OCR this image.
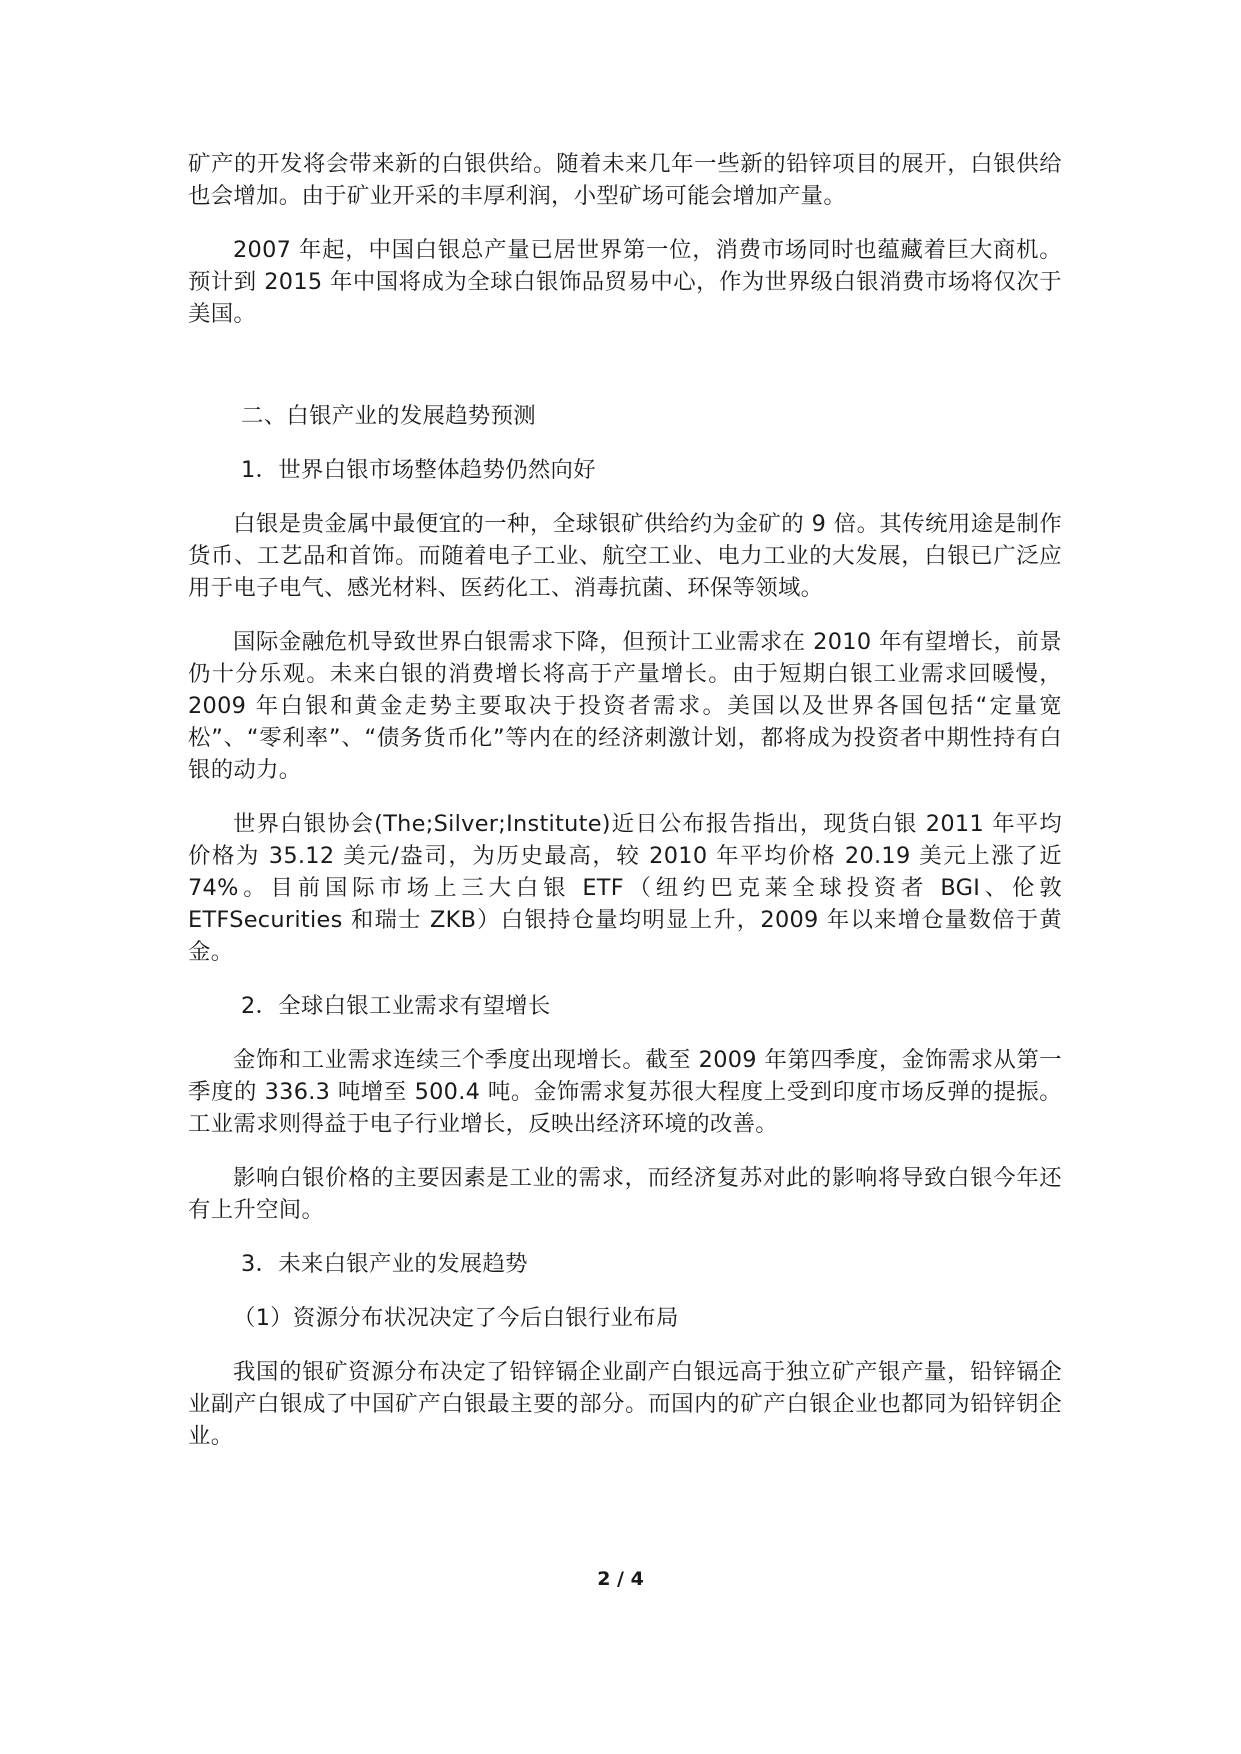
矿产的开发将会带来新的白银供给。随着未来几年一些新的铅锌项目的展开，白银供给也会增加。由于矿业开采的丰厚利润，小型矿场可能会增加产量。

2007 年起，中国白银总产量已居世界第一位，消费市场同时也蕴藏着巨大商机。预计到 2015 年中国将成为全球白银饰品贸易中心，作为世界级白银消费市场将仅次于美国。

二、白银产业的发展趋势预测

1．世界白银市场整体趋势仍然向好

白银是贵金属中最便宜的一种，全球银矿供给约为金矿的 9 倍。其传统用途是制作货币、工艺品和首饰。而随着电子工业、航空工业、电力工业的大发展，白银已广泛应用于电子电气、感光材料、医药化工、消毒抗菌、环保等领域。

国际金融危机导致世界白银需求下降，但预计工业需求在 2010 年有望增长，前景仍十分乐观。未来白银的消费增长将高于产量增长。由于短期白银工业需求回暖慢，2009 年白银和黄金走势主要取决于投资者需求。美国以及世界各国包括“定量宽松”、“零利率”、“债务货币化”等内在的经济刺激计划，都将成为投资者中期性持有白银的动力。

世界白银协会(The;Silver;Institute)近日公布报告指出，现货白银 2011 年平均价格为 35.12 美元/盎司，为历史最高，较 2010 年平均价格 20.19 美元上涨了近 74%。目前国际市场上三大白银 ETF（纽约巴克莱全球投资者 BGI、伦敦 ETFSecurities 和瑞士 ZKB）白银持仓量均明显上升，2009 年以来增仓量数倍于黄金。

2．全球白银工业需求有望增长

金饰和工业需求连续三个季度出现增长。截至 2009 年第四季度，金饰需求从第一季度的 336.3 吨增至 500.4 吨。金饰需求复苏很大程度上受到印度市场反弹的提振。工业需求则得益于电子行业增长，反映出经济环境的改善。

影响白银价格的主要因素是工业的需求，而经济复苏对此的影响将导致白银今年还有上升空间。

3．未来白银产业的发展趋势

（1）资源分布状况决定了今后白银行业布局

我国的银矿资源分布决定了铅锌镉企业副产白银远高于独立矿产银产量，铅锌镉企业副产白银成了中国矿产白银最主要的部分。而国内的矿产白银企业也都同为铅锌钥企业。

2 / 4
